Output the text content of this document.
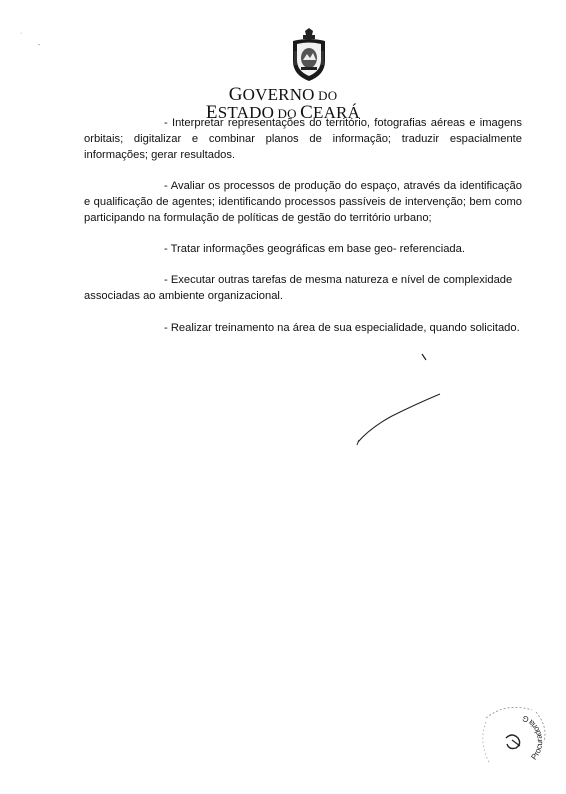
·
-
GOVERNO DO
ESTADO DO CEARÁ

- Interpretar representações do território, fotografias aéreas e imagens orbitais; digitalizar e combinar planos de informação; traduzir espacialmente informações; gerar resultados.

- Avaliar os processos de produção do espaço, através da identificação e qualificação de agentes; identificando processos passíveis de intervenção; bem como participando na formulação de políticas de gestão do território urbano;

- Tratar informações geográficas em base geo- referenciada.

- Executar outras tarefas de mesma natureza e nível de complexidade
associadas ao ambiente organizacional.

- Realizar treinamento na área de sua especialidade, quando solicitado.

Procuradoria G
